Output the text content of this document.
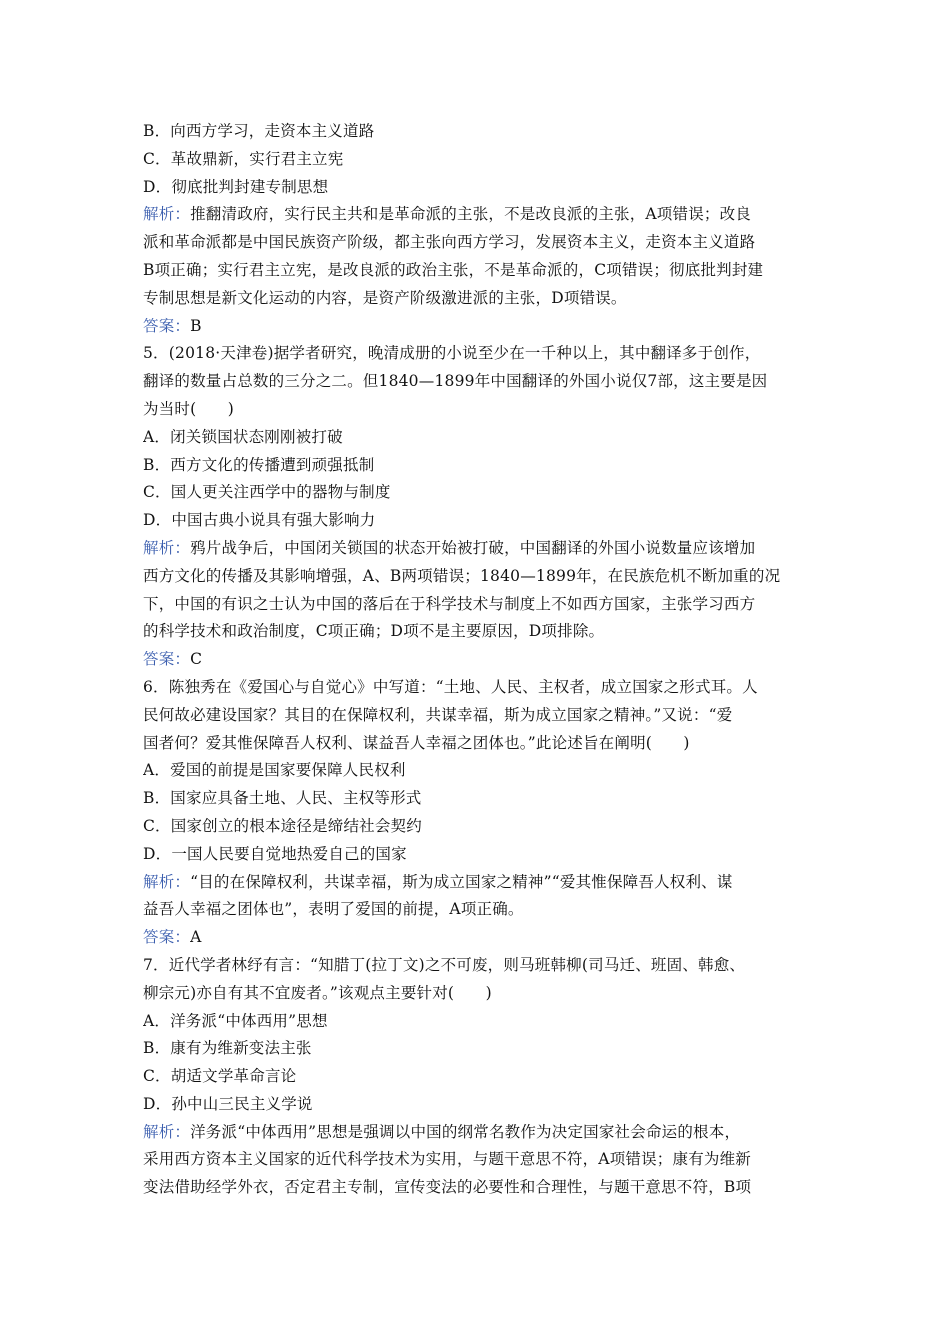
B．向西方学习，走资本主义道路
C．革故鼎新，实行君主立宪
D．彻底批判封建专制思想
解析：推翻清政府，实行民主共和是革命派的主张，不是改良派的主张，A项错误；改良
派和革命派都是中国民族资产阶级，都主张向西方学习，发展资本主义，走资本主义道路
B项正确；实行君主立宪，是改良派的政治主张，不是革命派的，C项错误；彻底批判封建
专制思想是新文化运动的内容，是资产阶级激进派的主张，D项错误。
答案：B
5．(2018·天津卷)据学者研究，晚清成册的小说至少在一千种以上，其中翻译多于创作，
翻译的数量占总数的三分之二。但1840—1899年中国翻译的外国小说仅7部，这主要是因
为当时(　　)
A．闭关锁国状态刚刚被打破
B．西方文化的传播遭到顽强抵制
C．国人更关注西学中的器物与制度
D．中国古典小说具有强大影响力
解析：鸦片战争后，中国闭关锁国的状态开始被打破，中国翻译的外国小说数量应该增加
西方文化的传播及其影响增强，A、B两项错误；1840—1899年，在民族危机不断加重的况
下，中国的有识之士认为中国的落后在于科学技术与制度上不如西方国家，主张学习西方
的科学技术和政治制度，C项正确；D项不是主要原因，D项排除。
答案：C
6．陈独秀在《爱国心与自觉心》中写道：“土地、人民、主权者，成立国家之形式耳。人
民何故必建设国家？其目的在保障权利，共谋幸福，斯为成立国家之精神。”又说：“爱
国者何？爱其惟保障吾人权利、谋益吾人幸福之团体也。”此论述旨在阐明(　　)
A．爱国的前提是国家要保障人民权利
B．国家应具备土地、人民、主权等形式
C．国家创立的根本途径是缔结社会契约
D．一国人民要自觉地热爱自己的国家
解析：“目的在保障权利，共谋幸福，斯为成立国家之精神”“爱其惟保障吾人权利、谋
益吾人幸福之团体也”，表明了爱国的前提，A项正确。
答案：A
7．近代学者林纾有言：“知腊丁(拉丁文)之不可废，则马班韩柳(司马迁、班固、韩愈、
柳宗元)亦自有其不宜废者。”该观点主要针对(　　)
A．洋务派“中体西用”思想
B．康有为维新变法主张
C．胡适文学革命言论
D．孙中山三民主义学说
解析：洋务派“中体西用”思想是强调以中国的纲常名教作为决定国家社会命运的根本，
采用西方资本主义国家的近代科学技术为实用，与题干意思不符，A项错误；康有为维新
变法借助经学外衣，否定君主专制，宣传变法的必要性和合理性，与题干意思不符，B项
